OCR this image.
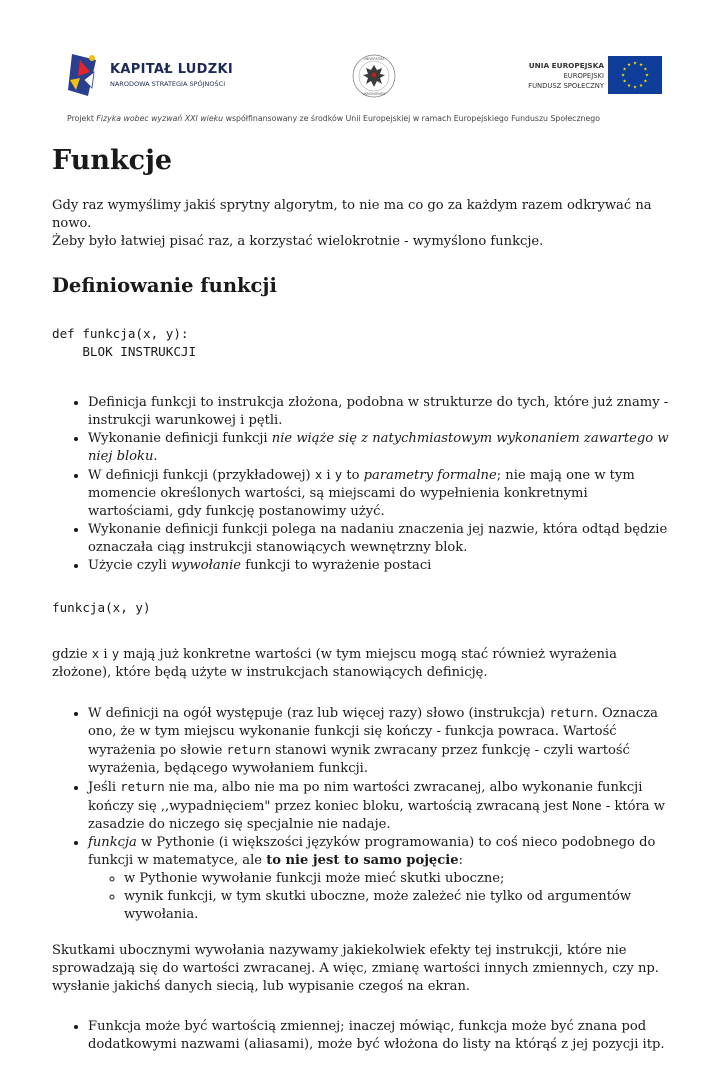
KAPITAŁ LUDZKI
NARODOWA STRATEGIA SPÓJNOŚCI
UNIVERSITAS
VARSOVIENSIS
UNIA EUROPEJSKA
EUROPEJSKI
FUNDUSZ SPOŁECZNY
Projekt Fizyka wobec wyzwań XXI wieku współfinansowany ze środków Unii Europejskiej w ramach Europejskiego Funduszu Społecznego
Funkcje

Gdy raz wymyślimy jakiś sprytny algorytm, to nie ma co go za każdym razem odkrywać na nowo.
Żeby było łatwiej pisać raz, a korzystać wielokrotnie - wymyślono funkcje.

Definiowanie funkcji
def funkcja(x, y):
BLOK INSTRUKCJI
• Definicja funkcji to instrukcja złożona, podobna w strukturze do tych, które już znamy - instrukcji warunkowej i pętli.
• Wykonanie definicji funkcji nie wiąże się z natychmiastowym wykonaniem zawartego w niej bloku.
• W definicji funkcji (przykładowej) x i y to parametry formalne; nie mają one w tym momencie określonych wartości, są miejscami do wypełnienia konkretnymi wartościami, gdy funkcję postanowimy użyć.
• Wykonanie definicji funkcji polega na nadaniu znaczenia jej nazwie, która odtąd będzie oznaczała ciąg instrukcji stanowiących wewnętrzny blok.
• Użycie czyli wywołanie funkcji to wyrażenie postaci
funkcja(x, y)

gdzie x i y mają już konkretne wartości (w tym miejscu mogą stać również wyrażenia złożone), które będą użyte w instrukcjach stanowiących definicję.

• W definicji na ogół występuje (raz lub więcej razy) słowo (instrukcja) return. Oznacza ono, że w tym miejscu wykonanie funkcji się kończy - funkcja powraca. Wartość wyrażenia po słowie return stanowi wynik zwracany przez funkcję - czyli wartość wyrażenia, będącego wywołaniem funkcji.
• Jeśli return nie ma, albo nie ma po nim wartości zwracanej, albo wykonanie funkcji kończy się ,,wypadnięciem" przez koniec bloku, wartością zwracaną jest None - która w zasadzie do niczego się specjalnie nie nadaje.
• funkcja w Pythonie (i większości języków programowania) to coś nieco podobnego do funkcji w matematyce, ale to nie jest to samo pojęcie:
◦ w Pythonie wywołanie funkcji może mieć skutki uboczne;
◦ wynik funkcji, w tym skutki uboczne, może zależeć nie tylko od argumentów wywołania.

Skutkami ubocznymi wywołania nazywamy jakiekolwiek efekty tej instrukcji, które nie sprowadzają się do wartości zwracanej. A więc, zmianę wartości innych zmiennych, czy np. wysłanie jakichś danych siecią, lub wypisanie czegoś na ekran.

• Funkcja może być wartością zmiennej; inaczej mówiąc, funkcja może być znana pod dodatkowymi nazwami (aliasami), może być włożona do listy na którąś z jej pozycji itp.
